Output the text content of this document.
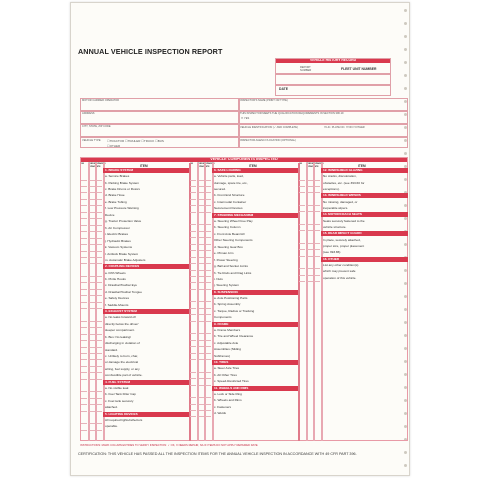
ANNUAL VEHICLE INSPECTION REPORT
VEHICLE HISTORY RECORD
REPORT NUMBER	FLEET UNIT NUMBER
DATE
MOTOR CARRIER OPERATOR	INSPECTOR'S NAME (PRINT OR TYPE)
ADDRESS	THIS INSPECTOR MEETS THE QUALIFICATION REQUIREMENTS IN SECTION 396.19
☐ YES
CITY, STATE, ZIP CODE	VEHICLE IDENTIFICATION (✓ AND COMPLETE)	☐LIC. PLATE NO. ☐VIN ☐OTHER
VEHICLE TYPE ☐TRACTOR ☐TRAILER ☐TRUCK ☐BUS
☐OTHER
INSPECTOR AGENCY/LOCATION (OPTIONAL)
VEHICLE COMPONENTS INSPECTED
OK	NEEDS REPAIR
REPAIRED DATE	ITEM
1. BRAKE SYSTEM
a. Service Brakes
b. Parking Brake System
c. Brake Drums or Rotors
d. Brake Hose
e. Brake Tubing
f. Low Pressure Warning
Device
g. Tractor Protection Valve
h. Air Compressor
i. Electric Brakes
j. Hydraulic Brakes
k. Vacuum Systems
l. Antilock Brake System
m. Automatic Brake Adjusters
2. COUPLING DEVICES
a. Fifth Wheels
b. Pintle Hooks
c. Drawbar/Towbar Eye
d. Drawbar/Towbar Tongue
e. Safety Devices
f. Saddle-Mounts
3. EXHAUST SYSTEM
a. No leaks forward of/
directly below the driver/
sleeper compartment.
b. Bus: No leaking/
discharging in violation of
standard.
c. Unlikely to burn, char,
or damage the electrical
wiring, fuel supply, or any
combustible part of vehicle.
4. FUEL SYSTEM
a. No visible leak
b. Fuel Tank Filler Cap
c. Fuel tank securely
attached.
5. LIGHTING DEVICES
All required lights/reflectors
operable.
OK	NEEDS REPAIR
REPAIRED DATE	ITEM
6. SAFE LOADING
a. Vehicle parts, load,
dunnage, spare tire, etc.,
secured.
b. Front End Structure
c. Intermodal Container
Securement Devices
7. STEERING MECHANISM
a. Steering Wheel Free Play
b. Steering Column
c. Front Axle Beam/All
Other Steering Components
d. Steering Gear Box
e. Pitman Arm
f. Power Steering
g. Ball and Socket Joints
h. Tie Rods and Drag Links
i. Nuts
j. Steering System
8. SUSPENSION
a. Axle Positioning Parts
b. Spring Assembly
c. Torque, Radius or Tracking
Components
9. FRAME
a. Frame Members
b. Tire and Wheel Clearance
c. Adjustable Axle
Assemblies (Sliding
Subframes)
10. TIRES
a. Steer Axle Tires
b. All Other Tires
c. Speed-Restricted Tires
11. WHEELS AND RIMS
a. Lock or Side Ring
b. Wheels and Rims
c. Fasteners
d. Welds
OK	NEEDS REPAIR
REPAIRED DATE	ITEM
12. WINDSHIELD GLAZING
No cracks, discoloration,
obstacles, etc. (see 393.60 for
exceptions).
13. WINDSHIELD WIPERS
No missing, damaged, or
inoperable wipers.
14. MOTORCOACH SEATS
Seats securely fastened to the
vehicle structure.
15. REAR IMPACT GUARD
In place, securely attached,
proper size, proper placement
(see 393.86)
16. OTHER
List any other condition(s)
which may prevent safe
operation of this vehicle.
INSTRUCTIONS: MARK COLUMN ENTRIES TO VERIFY INSPECTION: ✓ OK, X NEEDS REPAIR, NA IF ITEMS DO NOT APPLY REPAIRED DATE
CERTIFICATION: THIS VEHICLE HAS PASSED ALL THE INSPECTION ITEMS FOR THE ANNUAL VEHICLE INSPECTION IN ACCORDANCE WITH 49 CFR PART 396.
